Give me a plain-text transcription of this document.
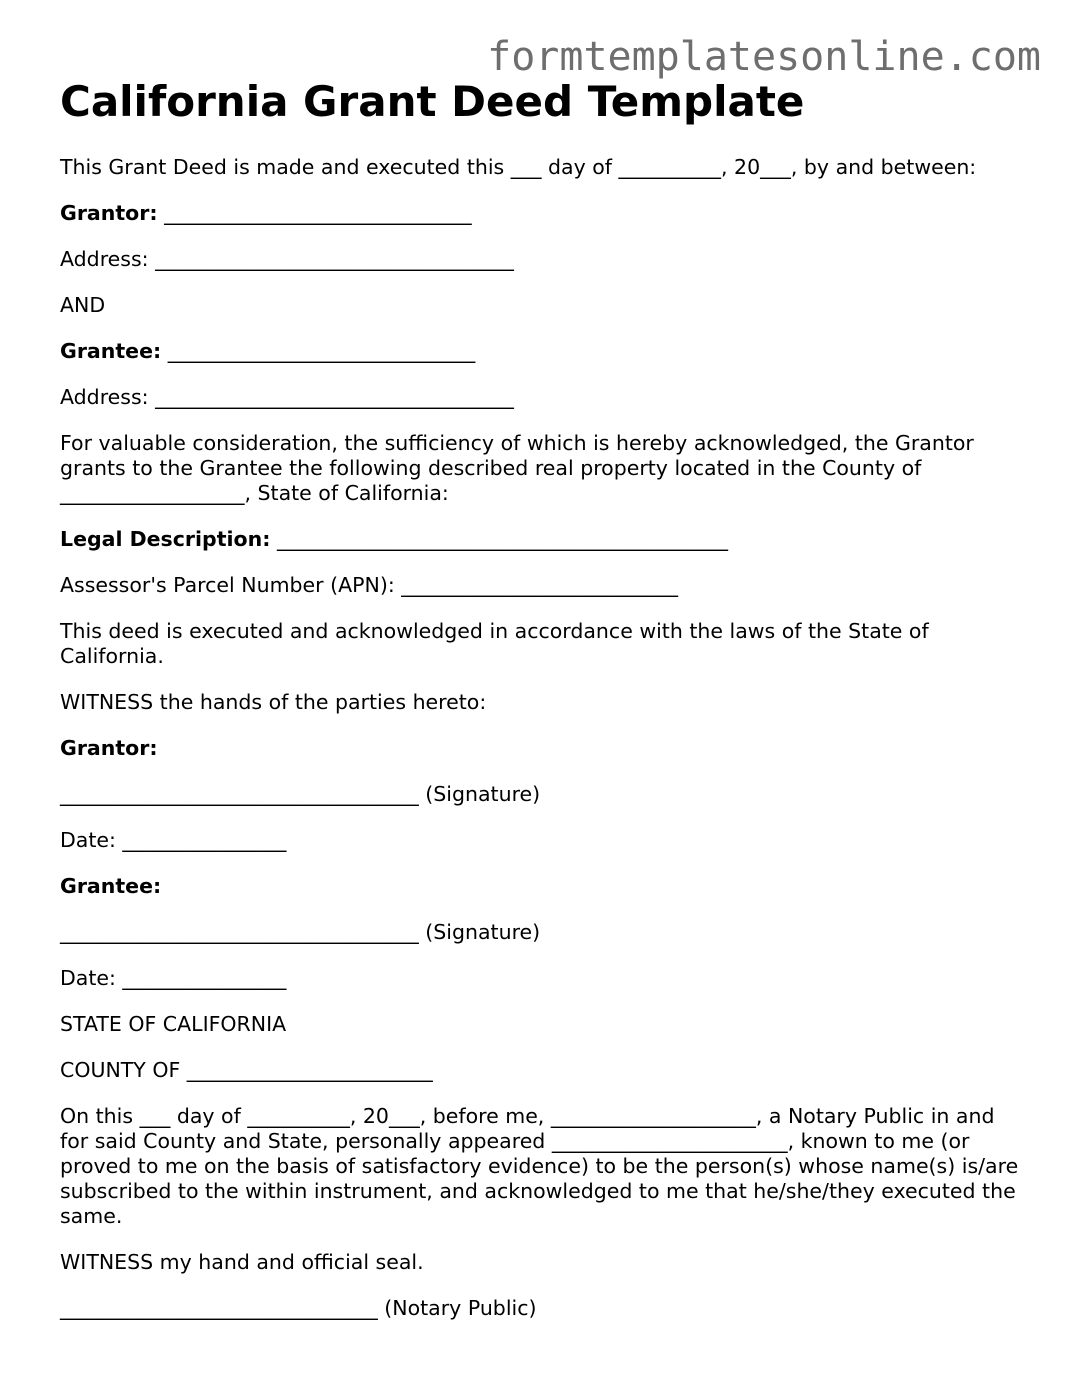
formtemplatesonline.com
California Grant Deed Template

This Grant Deed is made and executed this ___ day of __________, 20___, by and between:

Grantor: ______________________________

Address: ___________________________________

AND

Grantee: ______________________________

Address: ___________________________________

For valuable consideration, the sufficiency of which is hereby acknowledged, the Grantor grants to the Grantee the following described real property located in the County of __________________, State of California:

Legal Description: ____________________________________________

Assessor's Parcel Number (APN): ___________________________

This deed is executed and acknowledged in accordance with the laws of the State of California.

WITNESS the hands of the parties hereto:

Grantor:

___________________________________ (Signature)

Date: ________________

Grantee:

___________________________________ (Signature)

Date: ________________

STATE OF CALIFORNIA

COUNTY OF ________________________

On this ___ day of __________, 20___, before me, ____________________, a Notary Public in and for said County and State, personally appeared _______________________, known to me (or proved to me on the basis of satisfactory evidence) to be the person(s) whose name(s) is/are subscribed to the within instrument, and acknowledged to me that he/she/they executed the same.

WITNESS my hand and official seal.

_______________________________ (Notary Public)
